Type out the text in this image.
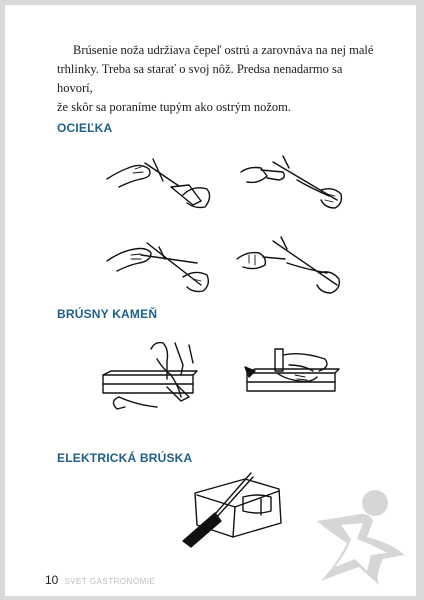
Brúsenie noža udržiava čepeľ ostrú a zarovnáva na nej malé
trhlinky. Treba sa starať o svoj nôž. Predsa nenadarmo sa hovorí,
že skôr sa poraníme tupým ako ostrým nožom.

OCIEĽKA
BRÚSNY KAMEŇ
ELEKTRICKÁ BRÚSKA
10 SVET GASTRONÓMIE
